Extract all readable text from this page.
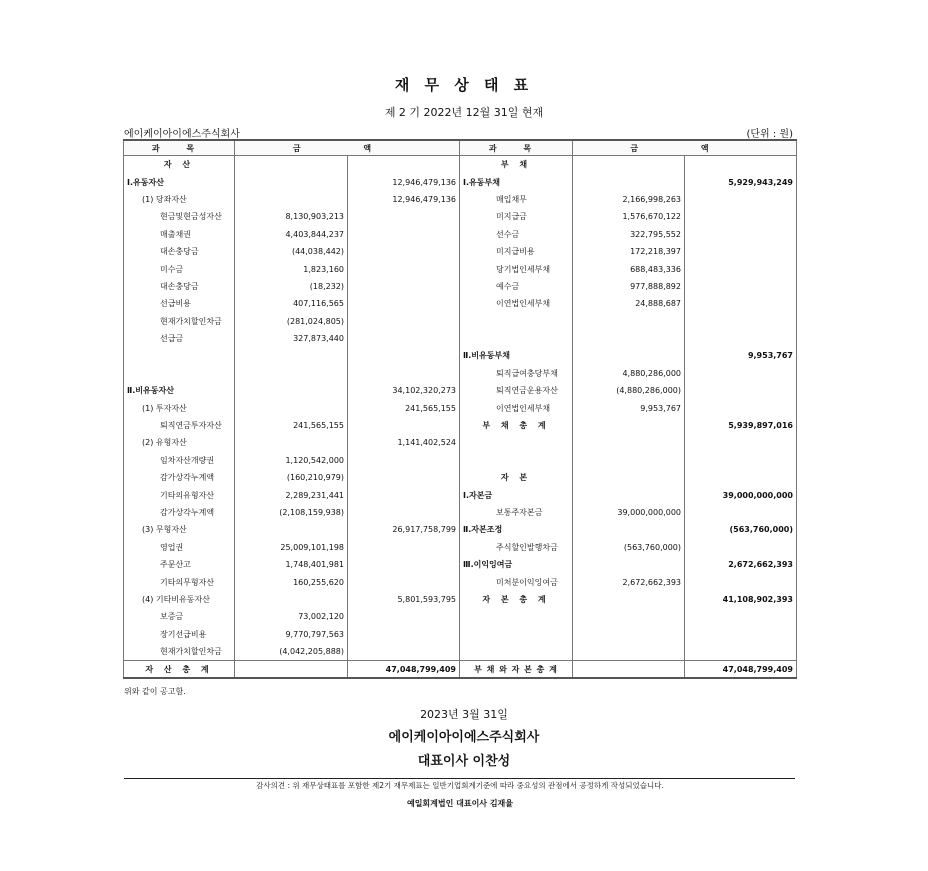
재 무 상 태 표
제 2 기 2022년 12월 31일 현재
에이케이아이에스주식회사	(단위 : 원)
과 목	금 액		과 목	금 액	
자 산			부 채		
Ⅰ.유동자산		12,946,479,136	Ⅰ.유동부채		5,929,943,249
(1) 당좌자산		12,946,479,136	매입채무	2,166,998,263	
현금및현금성자산	8,130,903,213		미지급금	1,576,670,122	
매출채권	4,403,844,237		선수금	322,795,552	
대손충당금	(44,038,442)		미지급비용	172,218,397	
미수금	1,823,160		당기법인세부채	688,483,336	
대손충당금	(18,232)		예수금	977,888,892	
선급비용	407,116,565		이연법인세부채	24,888,687	
현재가치할인차금	(281,024,805)				
선급금	327,873,440				
			Ⅱ.비유동부채		9,953,767
			퇴직급여충당부채	4,880,286,000	
Ⅱ.비유동자산		34,102,320,273	퇴직연금운용자산	(4,880,286,000)	
(1) 투자자산		241,565,155	이연법인세부채	9,953,767	
퇴직연금투자자산	241,565,155		부 채 총 계		5,939,897,016
(2) 유형자산		1,141,402,524			
임차자산개량권	1,120,542,000				
감가상각누계액	(160,210,979)		자 본		
기타의유형자산	2,289,231,441		Ⅰ.자본금		39,000,000,000
감가상각누계액	(2,108,159,938)		보통주자본금	39,000,000,000	
(3) 무형자산		26,917,758,799	Ⅱ.자본조정		(563,760,000)
영업권	25,009,101,198		주식할인발행차금	(563,760,000)	
주문산고	1,748,401,981		Ⅲ.이익잉여금		2,672,662,393
기타의무형자산	160,255,620		미처분이익잉여금	2,672,662,393	
(4) 기타비유동자산		5,801,593,795	자 본 총 계		41,108,902,393
보증금	73,002,120				
장기선급비용	9,770,797,563				
현재가치할인차금	(4,042,205,888)				
자 산 총 계		47,048,799,409	부 채 와 자 본 총 계		47,048,799,409
위와 같이 공고함.
2023년 3월 31일
에이케이아이에스주식회사
대표이사 이찬성
감사의견 : 위 재무상태표를 포함한 제2기 재무제표는 일반기업회계기준에 따라 중요성의 관점에서 공정하게 작성되었습니다.
예일회계법인 대표이사 김재율
